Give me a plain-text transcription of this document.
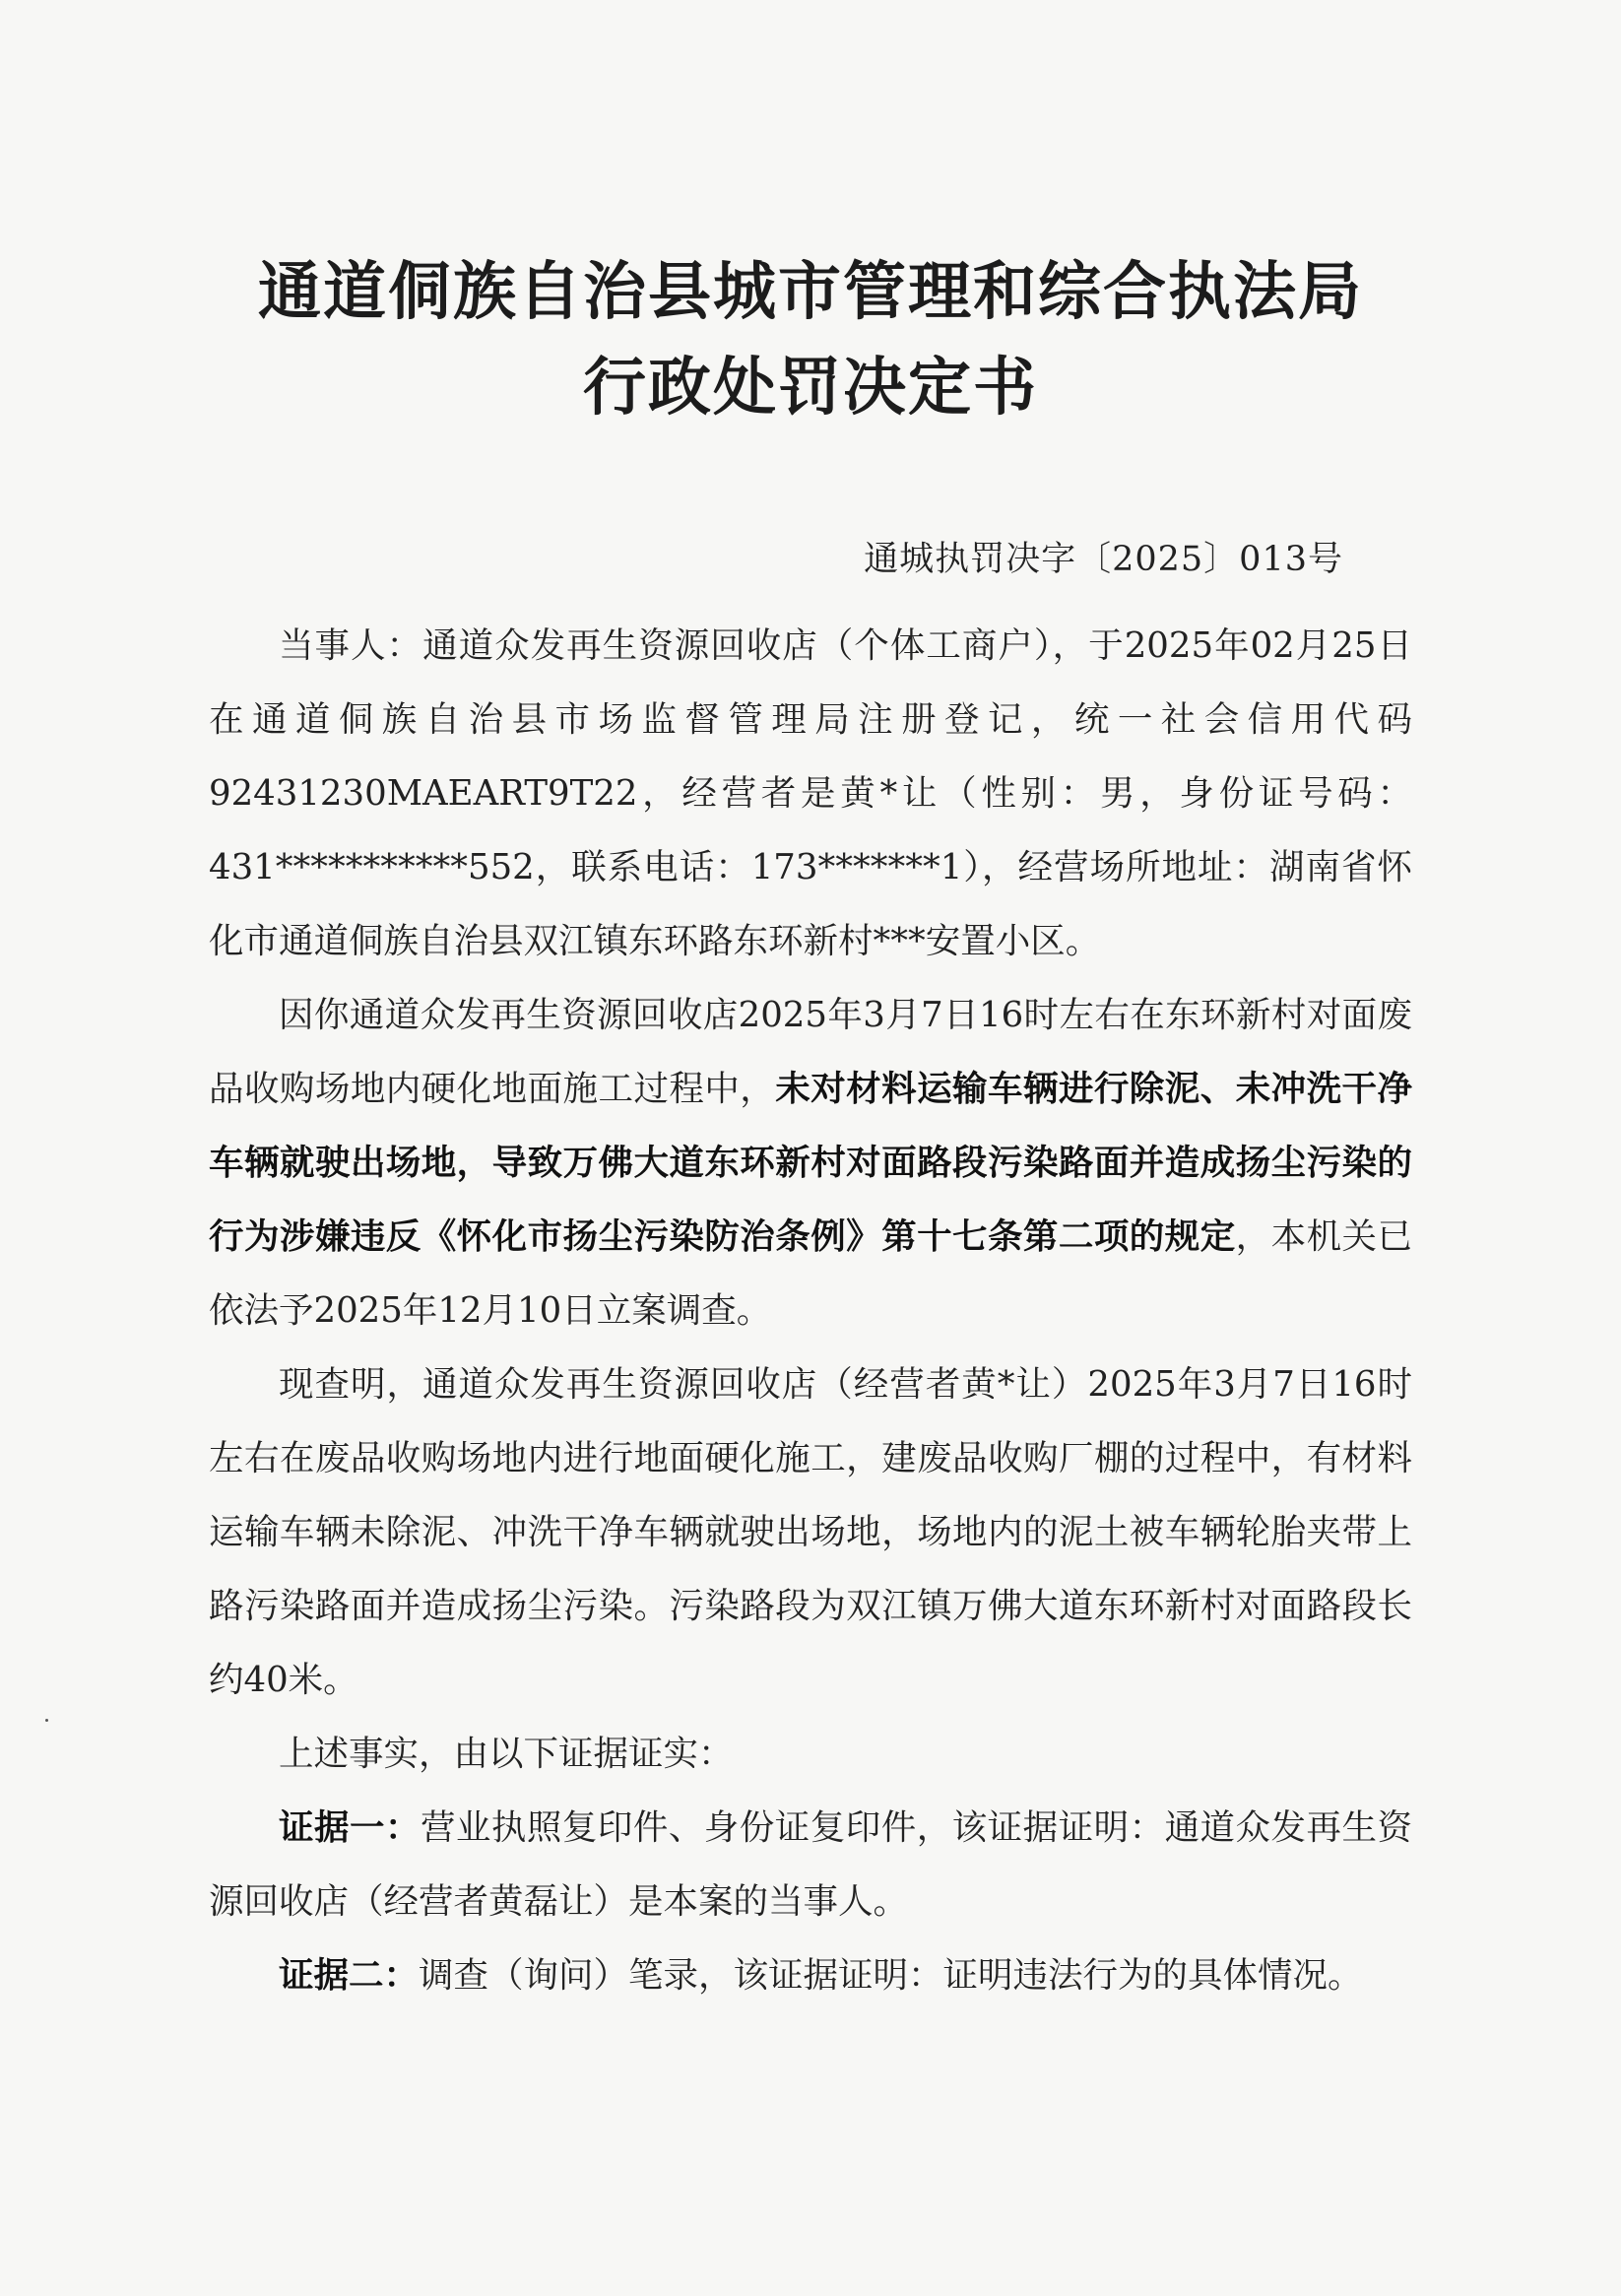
通道侗族自治县城市管理和综合执法局
行政处罚决定书
通城执罚决字〔2025〕013号

当事人：通道众发再生资源回收店（个体工商户），于2025年02月25日在通道侗族自治县市场监督管理局注册登记，统一社会信用代码92431230MAEART9T22，经营者是黄*让（性别：男，身份证号码：431***********552，联系电话：173*******1），经营场所地址：湖南省怀化市通道侗族自治县双江镇东环路东环新村***安置小区。

因你通道众发再生资源回收店2025年3月7日16时左右在东环新村对面废品收购场地内硬化地面施工过程中，未对材料运输车辆进行除泥、未冲洗干净车辆就驶出场地，导致万佛大道东环新村对面路段污染路面并造成扬尘污染的行为涉嫌违反《怀化市扬尘污染防治条例》第十七条第二项的规定，本机关已依法予2025年12月10日立案调查。

现查明，通道众发再生资源回收店（经营者黄*让）2025年3月7日16时左右在废品收购场地内进行地面硬化施工，建废品收购厂棚的过程中，有材料运输车辆未除泥、冲洗干净车辆就驶出场地，场地内的泥土被车辆轮胎夹带上路污染路面并造成扬尘污染。污染路段为双江镇万佛大道东环新村对面路段长约40米。

上述事实，由以下证据证实：

证据一：营业执照复印件、身份证复印件，该证据证明：通道众发再生资源回收店（经营者黄磊让）是本案的当事人。

证据二：调查（询问）笔录，该证据证明：证明违法行为的具体情况。
